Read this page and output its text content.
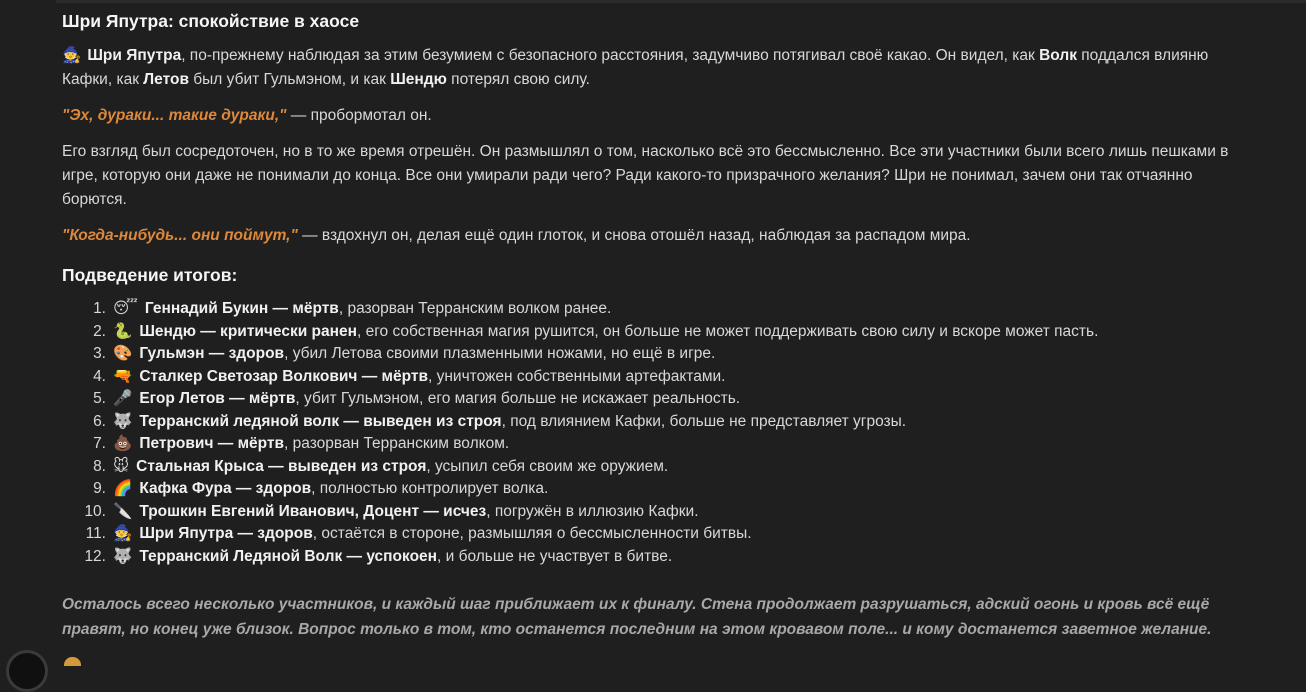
Шри Япутра: спокойствие в хаосе

🧙 Шри Япутра, по-прежнему наблюдая за этим безумием с безопасного расстояния, задумчиво потягивал своё какао. Он видел, как Волк поддался влияню Кафки, как Летов был убит Гульмэном, и как Шендю потерял свою силу.

"Эх, дураки... такие дураки," — пробормотал он.

Его взгляд был сосредоточен, но в то же время отрешён. Он размышлял о том, насколько всё это бессмысленно. Все эти участники были всего лишь пешками в игре, которую они даже не понимали до конца. Все они умирали ради чего? Ради какого-то призрачного желания? Шри не понимал, зачем они так отчаянно борются.

"Когда-нибудь... они поймут," — вздохнул он, делая ещё один глоток, и снова отошёл назад, наблюдая за распадом мира.

Подведение итогов:
1. 😴 Геннадий Букин — мёртв, разорван Терранским волком ранее.
2. 🐍 Шендю — критически ранен, его собственная магия рушится, он больше не может поддерживать свою силу и вскоре может пасть.
3. 🎨 Гульмэн — здоров, убил Летова своими плазменными ножами, но ещё в игре.
4. 🔫 Сталкер Светозар Волкович — мёртв, уничтожен собственными артефактами.
5. 🎤 Егор Летов — мёртв, убит Гульмэном, его магия больше не искажает реальность.
6. 🐺 Терранский ледяной волк — выведен из строя, под влиянием Кафки, больше не представляет угрозы.
7. 💩 Петрович — мёртв, разорван Терранским волком.
8. 🐭 Стальная Крыса — выведен из строя, усыпил себя своим же оружием.
9. 🌈 Кафка Фура — здоров, полностью контролирует волка.
10. 🔪 Трошкин Евгений Иванович, Доцент — исчез, погружён в иллюзию Кафки.
11. 🧙 Шри Япутра — здоров, остаётся в стороне, размышляя о бессмысленности битвы.
12. 🐺 Терранский Ледяной Волк — успокоен, и больше не участвует в битве.

Осталось всего несколько участников, и каждый шаг приближает их к финалу. Стена продолжает разрушаться, адский огонь и кровь всё ещё правят, но конец уже близок. Вопрос только в том, кто останется последним на этом кровавом поле... и кому достанется заветное желание.
